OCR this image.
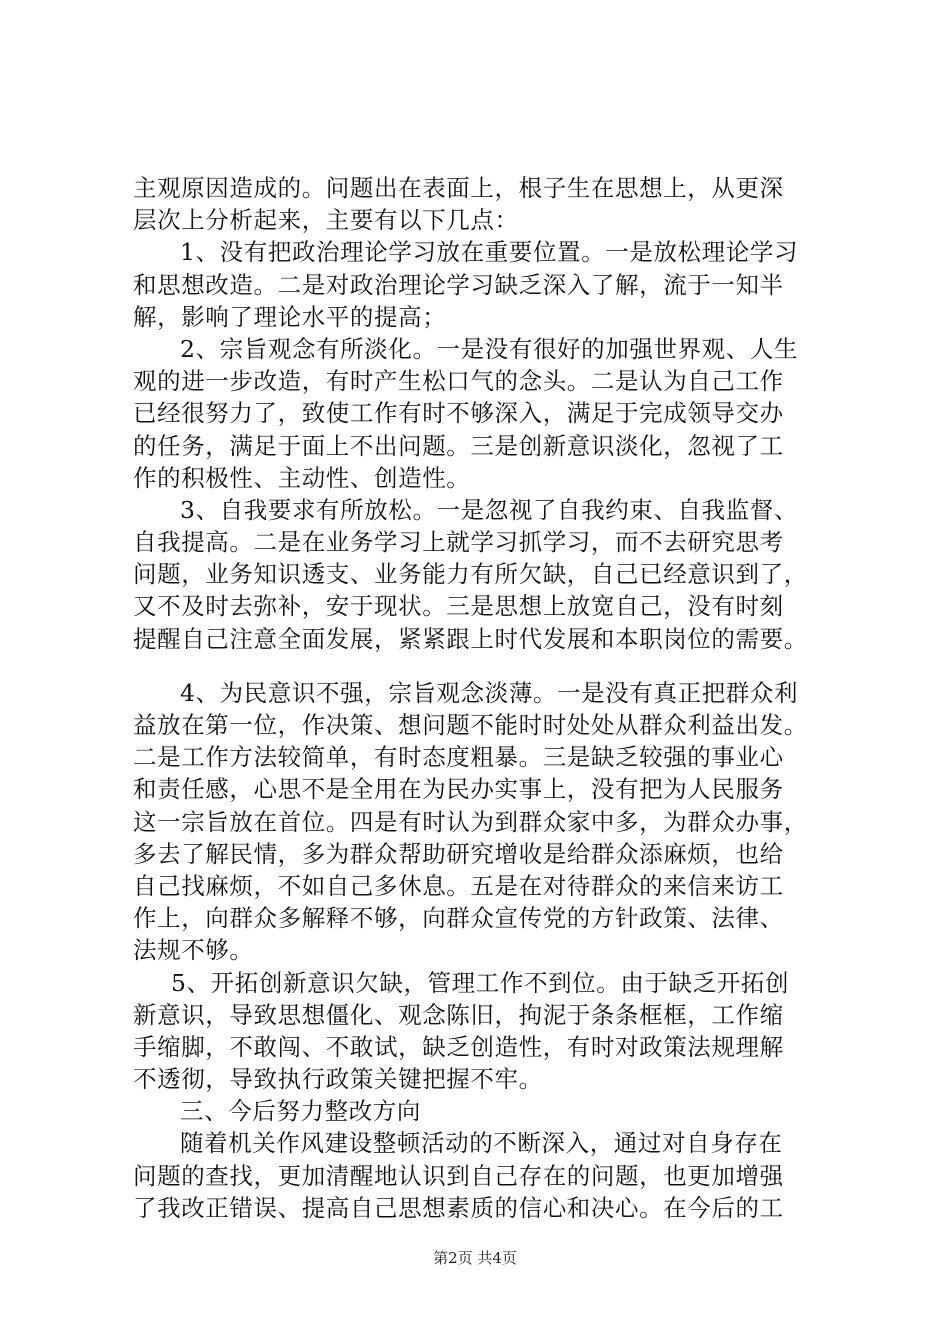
主观原因造成的。问题出在表面上，根子生在思想上，从更深
层次上分析起来，主要有以下几点：
1、没有把政治理论学习放在重要位置。一是放松理论学习
和思想改造。二是对政治理论学习缺乏深入了解，流于一知半
解，影响了理论水平的提高；
2、宗旨观念有所淡化。一是没有很好的加强世界观、人生
观的进一步改造，有时产生松口气的念头。二是认为自己工作
已经很努力了，致使工作有时不够深入，满足于完成领导交办
的任务，满足于面上不出问题。三是创新意识淡化，忽视了工
作的积极性、主动性、创造性。
3、自我要求有所放松。一是忽视了自我约束、自我监督、
自我提高。二是在业务学习上就学习抓学习，而不去研究思考
问题，业务知识透支、业务能力有所欠缺，自己已经意识到了，
又不及时去弥补，安于现状。三是思想上放宽自己，没有时刻
提醒自己注意全面发展，紧紧跟上时代发展和本职岗位的需要。
4、为民意识不强，宗旨观念淡薄。一是没有真正把群众利
益放在第一位，作决策、想问题不能时时处处从群众利益出发。
二是工作方法较简单，有时态度粗暴。三是缺乏较强的事业心
和责任感，心思不是全用在为民办实事上，没有把为人民服务
这一宗旨放在首位。四是有时认为到群众家中多，为群众办事，
多去了解民情，多为群众帮助研究增收是给群众添麻烦，也给
自己找麻烦，不如自己多休息。五是在对待群众的来信来访工
作上，向群众多解释不够，向群众宣传党的方针政策、法律、
法规不够。
5、开拓创新意识欠缺，管理工作不到位。由于缺乏开拓创
新意识，导致思想僵化、观念陈旧，拘泥于条条框框，工作缩
手缩脚，不敢闯、不敢试，缺乏创造性，有时对政策法规理解
不透彻，导致执行政策关键把握不牢。
三、今后努力整改方向
随着机关作风建设整顿活动的不断深入，通过对自身存在
问题的查找，更加清醒地认识到自己存在的问题，也更加增强
了我改正错误、提高自己思想素质的信心和决心。在今后的工
第2页 共4页
